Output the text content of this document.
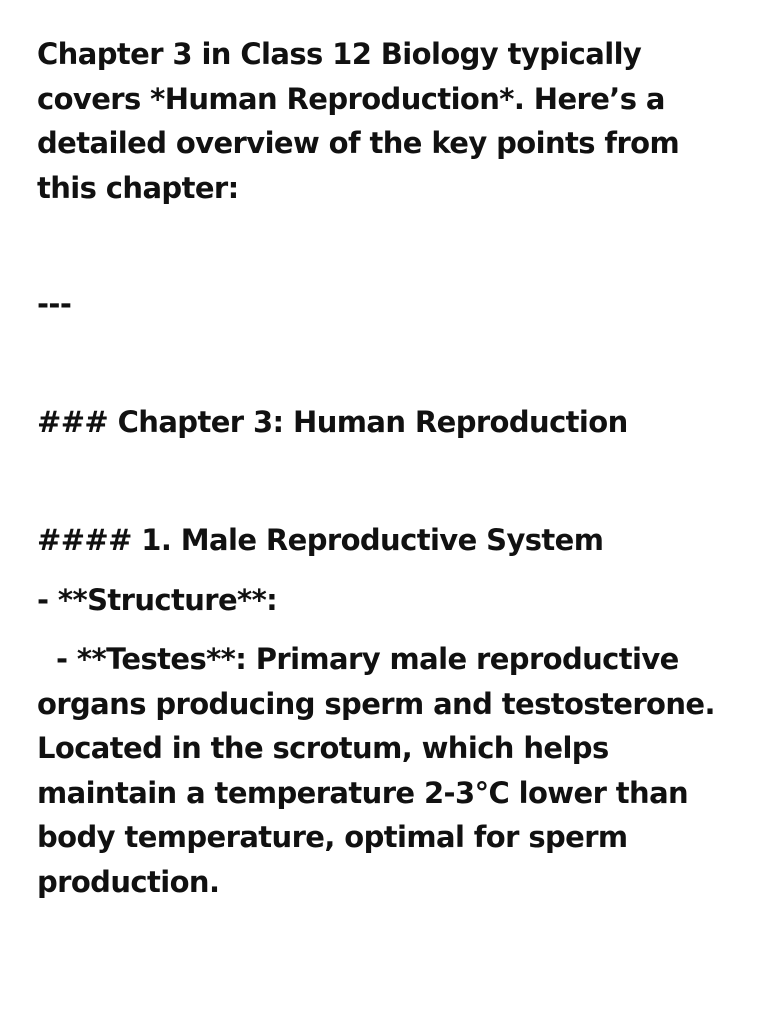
Chapter 3 in Class 12 Biology typically covers *Human Reproduction*. Here’s a detailed overview of the key points from this chapter:
---
### Chapter 3: Human Reproduction
#### 1. Male Reproductive System
- **Structure**:
- **Testes**: Primary male reproductive organs producing sperm and testosterone. Located in the scrotum, which helps maintain a temperature 2-3°C lower than body temperature, optimal for sperm production.
